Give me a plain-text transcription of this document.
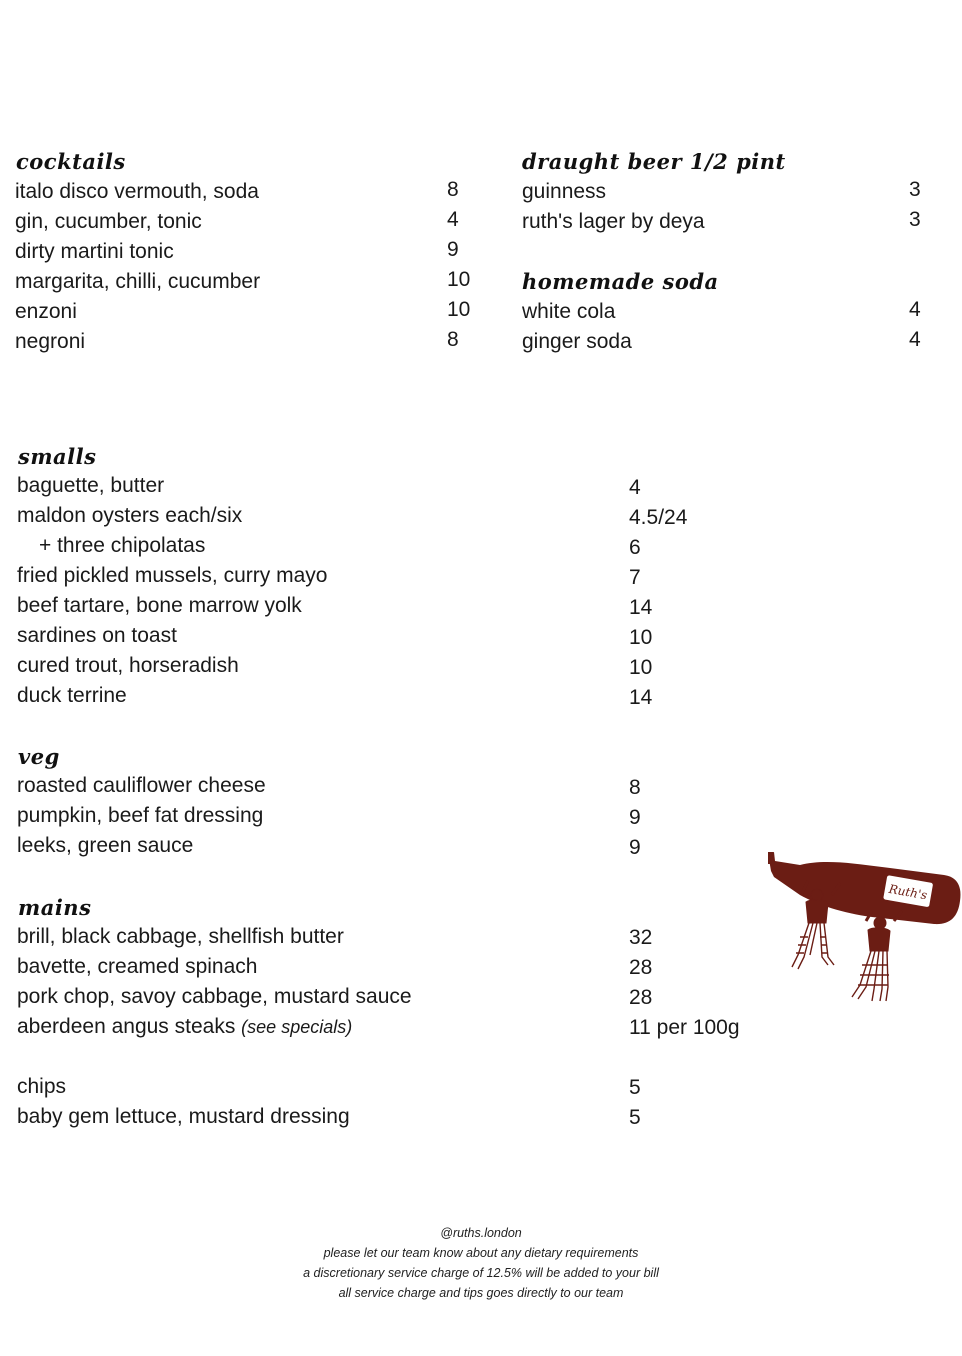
cocktails
italo disco vermouth, soda	8
gin, cucumber, tonic	4
dirty martini tonic	9
margarita, chilli, cucumber	10
enzoni	10
negroni	8
draught beer 1/2 pint
guinness	3
ruth's lager by deya	3
homemade soda
white cola	4
ginger soda	4
smalls
baguette, butter	4
maldon oysters each/six	4.5/24
+ three chipolatas	6
fried pickled mussels, curry mayo	7
beef tartare, bone marrow yolk	14
sardines on toast	10
cured trout, horseradish	10
duck terrine	14
veg
roasted cauliflower cheese	8
pumpkin, beef fat dressing	9
leeks, green sauce	9
mains
brill, black cabbage, shellfish butter	32
bavette, creamed spinach	28
pork chop, savoy cabbage, mustard sauce	28
aberdeen angus steaks (see specials)	11 per 100g
chips	5
baby gem lettuce, mustard dressing	5
Ruth's
@ruths.london
please let our team know about any dietary requirements
a discretionary service charge of 12.5% will be added to your bill
all service charge and tips goes directly to our team
